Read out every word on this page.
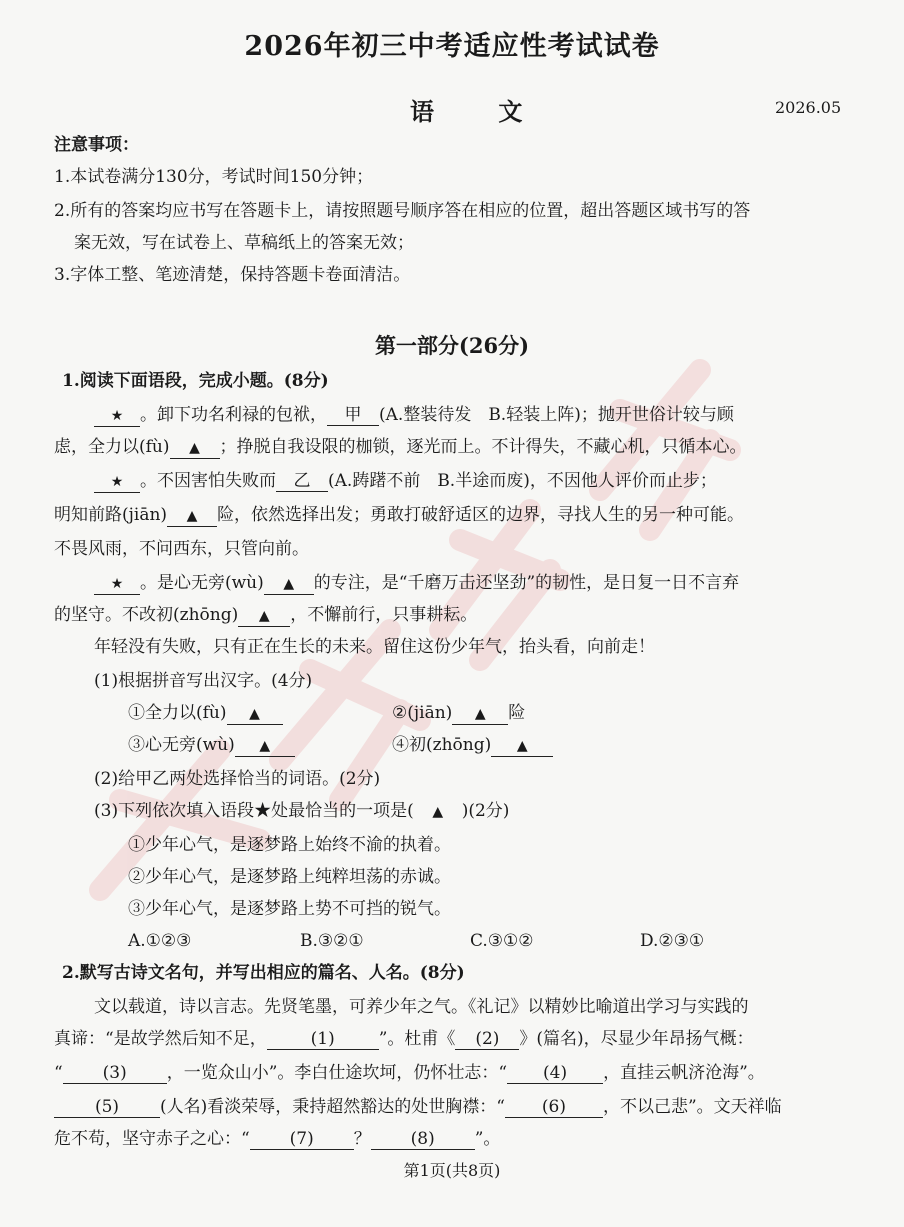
2026年初三中考适应性考试试卷
语 文	2026.05
注意事项：
1.本试卷满分130分，考试时间150分钟；
2.所有的答案均应书写在答题卡上，请按照题号顺序答在相应的位置，超出答题区域书写的答
案无效，写在试卷上、草稿纸上的答案无效；
3.字体工整、笔迹清楚，保持答题卡卷面清洁。
第一部分(26分)
1.阅读下面语段，完成小题。(8分)
★ 。卸下功名利禄的包袱， 甲 (A.整装待发　B.轻装上阵)；抛开世俗计较与顾
虑，全力以(fù) ▲ ；挣脱自我设限的枷锁，逐光而上。不计得失，不藏心机，只循本心。
★ 。不因害怕失败而 乙 (A.踌躇不前　B.半途而废)，不因他人评价而止步；
明知前路(jiān) ▲ 险，依然选择出发；勇敢打破舒适区的边界，寻找人生的另一种可能。
不畏风雨，不问西东，只管向前。
★ 。是心无旁(wù) ▲ 的专注，是“千磨万击还坚劲”的韧性，是日复一日不言弃
的坚守。不改初(zhōng) ▲ ，不懈前行，只事耕耘。
年轻没有失败，只有正在生长的未来。留住这份少年气，抬头看，向前走！
(1)根据拼音写出汉字。(4分)
①全力以(fù) ▲	②(jiān) ▲ 险
③心无旁(wù) ▲	④初(zhōng) ▲
(2)给甲乙两处选择恰当的词语。(2分)
(3)下列依次填入语段★处最恰当的一项是( ▲ )(2分)
①少年心气，是逐梦路上始终不渝的执着。
②少年心气，是逐梦路上纯粹坦荡的赤诚。
③少年心气，是逐梦路上势不可挡的锐气。
A.①②③	B.③②①	C.③①②	D.②③①
2.默写古诗文名句，并写出相应的篇名、人名。(8分)
文以载道，诗以言志。先贤笔墨，可养少年之气。《礼记》以精妙比喻道出学习与实践的
真谛：“是故学然后知不足，	(1)	”。杜甫《 (2) 》(篇名)，尽显少年昂扬气概：
“ (3) ，一览众山小”。李白仕途坎坷，仍怀壮志：“ (4) ，直挂云帆济沧海”。
(5) (人名)看淡荣辱，秉持超然豁达的处世胸襟：“ (6) ，不以己悲”。文天祥临
危不苟，坚守赤子之心：“ (7) ？ (8) ”。
第1页(共8页)
